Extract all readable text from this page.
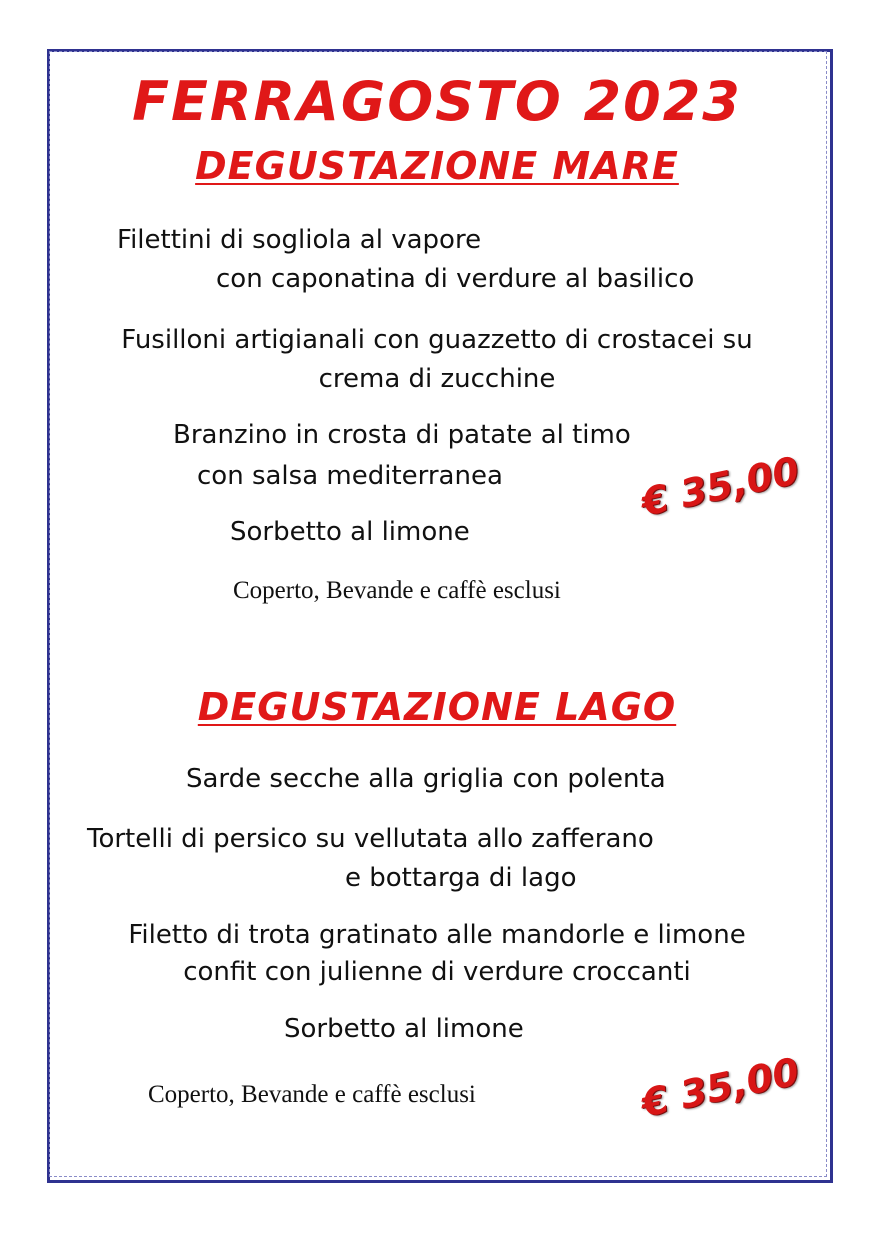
FERRAGOSTO 2023
DEGUSTAZIONE MARE
Filettini di sogliola al vapore
con caponatina di verdure al basilico
Fusilloni artigianali con guazzetto di crostacei su
crema di zucchine
Branzino in crosta di patate al timo
con salsa mediterranea
Sorbetto al limone
Coperto, Bevande e caffè esclusi
€ 35,00
DEGUSTAZIONE LAGO
Sarde secche alla griglia con polenta
Tortelli di persico su vellutata allo zafferano
e bottarga di lago
Filetto di trota gratinato alle mandorle e limone
confit con julienne di verdure croccanti
Sorbetto al limone
Coperto, Bevande e caffè esclusi	€ 35,00
